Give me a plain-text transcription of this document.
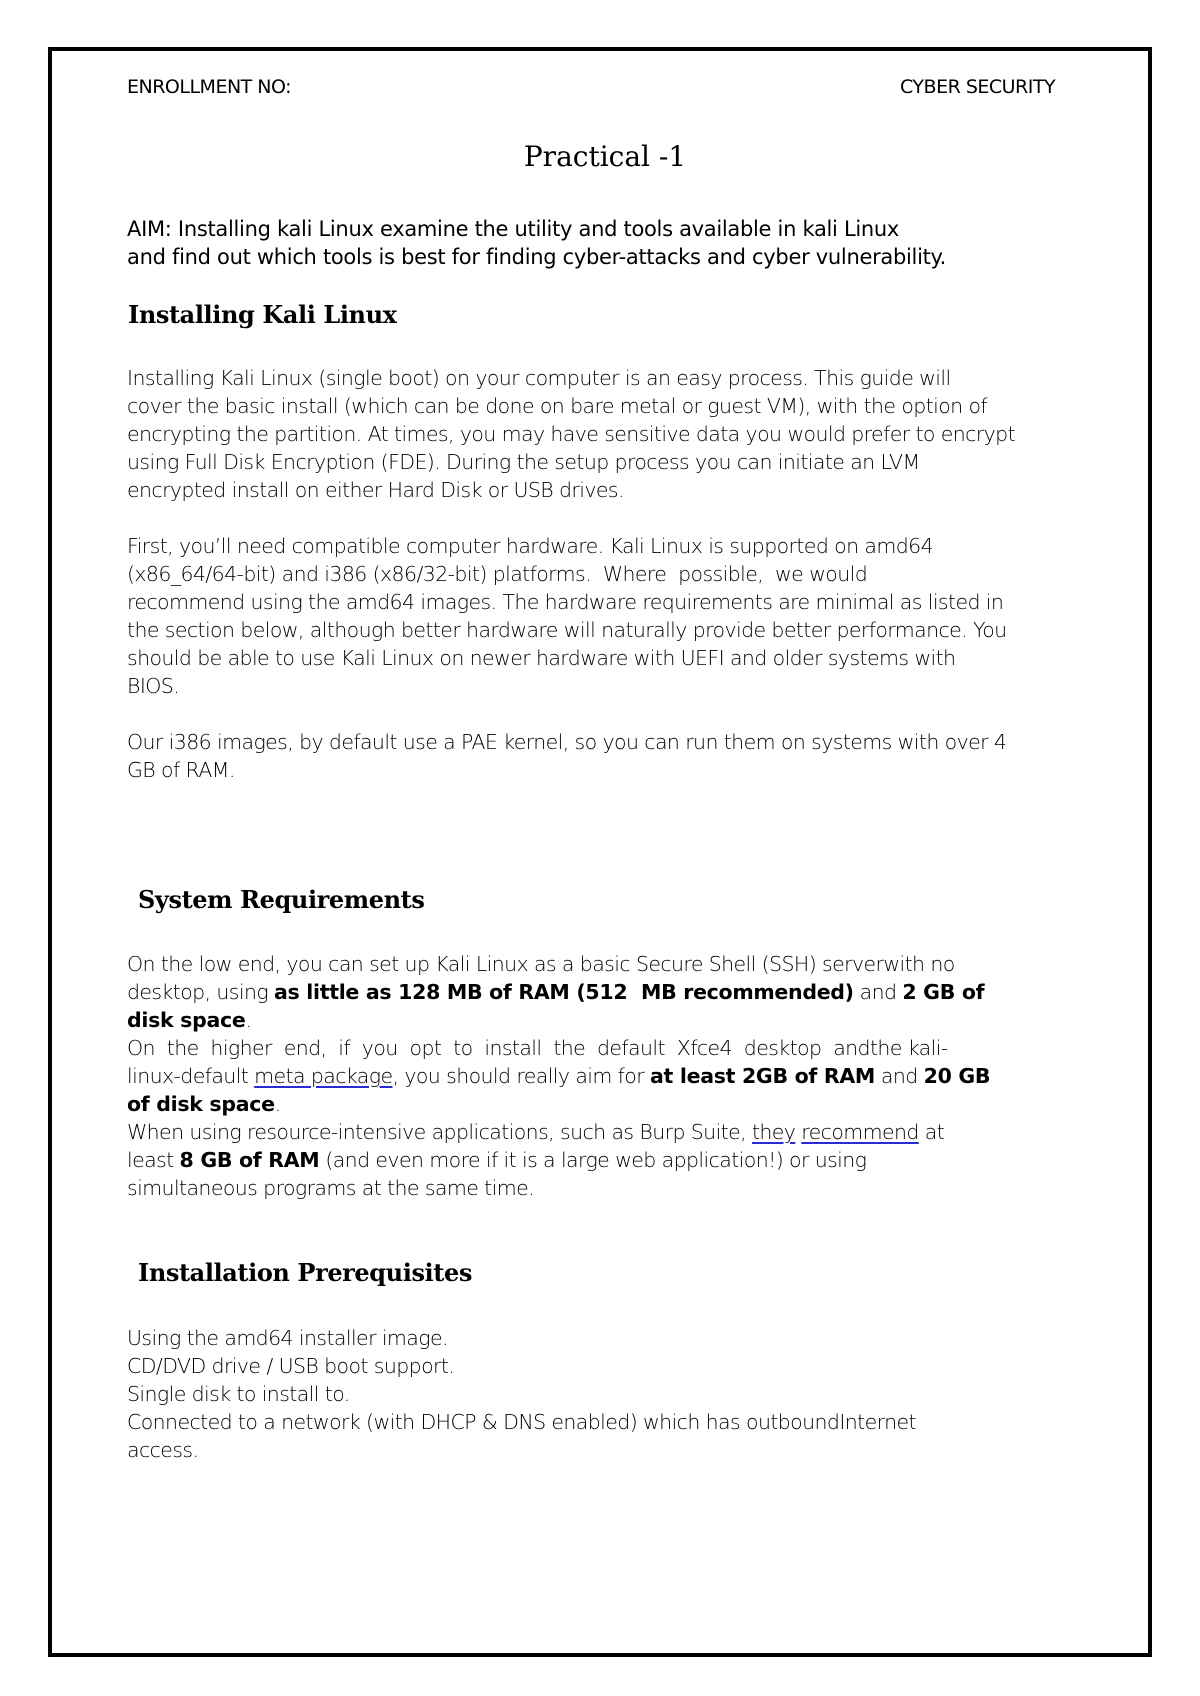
ENROLLMENT NO:	CYBER SECURITY
Practical -1
AIM: Installing kali Linux examine the utility and tools available in kali Linux
and find out which tools is best for finding cyber-attacks and cyber vulnerability.
Installing Kali Linux
Installing Kali Linux (single boot) on your computer is an easy process. This guide will
cover the basic install (which can be done on bare metal or guest VM), with the option of
encrypting the partition. At times, you may have sensitive data you would prefer to encrypt
using Full Disk Encryption (FDE). During the setup process you can initiate an LVM
encrypted install on either Hard Disk or USB drives.
First, you’ll need compatible computer hardware. Kali Linux is supported on amd64
(x86_64/64-bit) and i386 (x86/32-bit) platforms.  Where  possible,  we would
recommend using the amd64 images. The hardware requirements are minimal as listed in
the section below, although better hardware will naturally provide better performance. You
should be able to use Kali Linux on newer hardware with UEFI and older systems with
BIOS.
Our i386 images, by default use a PAE kernel, so you can run them on systems with over 4
GB of RAM.
System Requirements
On the low end, you can set up Kali Linux as a basic Secure Shell (SSH) serverwith no
desktop, using as little as 128 MB of RAM (512  MB recommended) and 2 GB of
disk space.
On  the  higher  end,  if  you  opt  to  install  the  default  Xfce4  desktop  andthe kali-
linux-default meta package, you should really aim for at least 2GB of RAM and 20 GB
of disk space.
When using resource-intensive applications, such as Burp Suite, they recommend at
least 8 GB of RAM (and even more if it is a large web application!) or using
simultaneous programs at the same time.
Installation Prerequisites
Using the amd64 installer image.
CD/DVD drive / USB boot support.
Single disk to install to.
Connected to a network (with DHCP & DNS enabled) which has outboundInternet
access.
